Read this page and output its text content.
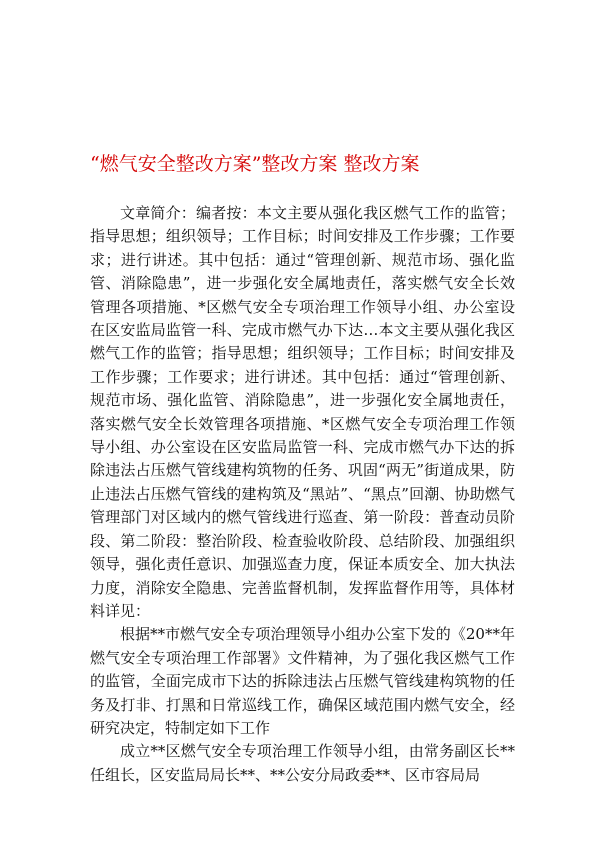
“燃气安全整改方案”整改方案 整改方案

文章简介：编者按：本文主要从强化我区燃气工作的监管；指导思想；组织领导；工作目标；时间安排及工作步骤；工作要求；进行讲述。其中包括：通过“管理创新、规范市场、强化监管、消除隐患”，进一步强化安全属地责任，落实燃气安全长效管理各项措施、*区燃气安全专项治理工作领导小组、办公室设在区安监局监管一科、完成市燃气办下达…本文主要从强化我区燃气工作的监管；指导思想；组织领导；工作目标；时间安排及工作步骤；工作要求；进行讲述。其中包括：通过“管理创新、规范市场、强化监管、消除隐患”，进一步强化安全属地责任，落实燃气安全长效管理各项措施、*区燃气安全专项治理工作领导小组、办公室设在区安监局监管一科、完成市燃气办下达的拆除违法占压燃气管线建构筑物的任务、巩固“两无”街道成果，防止违法占压燃气管线的建构筑及“黑站”、“黑点”回潮、协助燃气管理部门对区域内的燃气管线进行巡查、第一阶段：普查动员阶段、第二阶段：整治阶段、检查验收阶段、总结阶段、加强组织领导，强化责任意识、加强巡查力度，保证本质安全、加大执法力度，消除安全隐患、完善监督机制，发挥监督作用等，具体材料详见：

根据**市燃气安全专项治理领导小组办公室下发的《20**年燃气安全专项治理工作部署》文件精神，为了强化我区燃气工作的监管，全面完成市下达的拆除违法占压燃气管线建构筑物的任务及打非、打黑和日常巡线工作，确保区域范围内燃气安全，经研究决定，特制定如下工作

成立**区燃气安全专项治理工作领导小组，由常务副区长**任组长，区安监局局长**、**公安分局政委**、区市容局局
